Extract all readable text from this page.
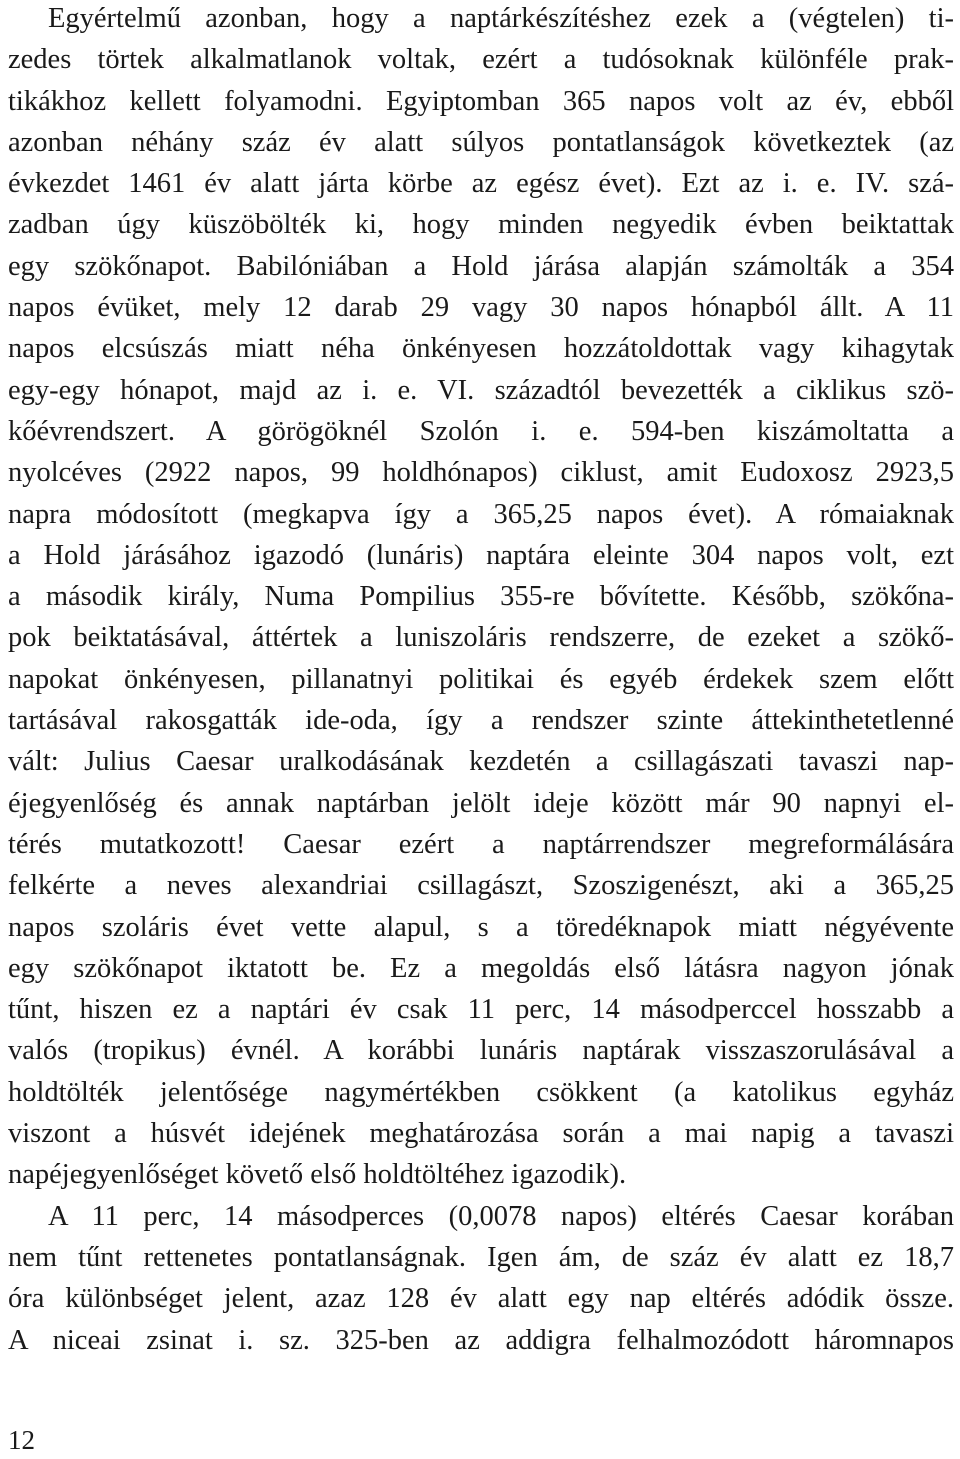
Egyértelmű azonban, hogy a naptárkészítéshez ezek a (végtelen) ti-
zedes törtek alkalmatlanok voltak, ezért a tudósoknak különféle prak-
tikákhoz kellett folyamodni. Egyiptomban 365 napos volt az év, ebből
azonban néhány száz év alatt súlyos pontatlanságok következtek (az
évkezdet 1461 év alatt járta körbe az egész évet). Ezt az i. e. IV. szá-
zadban úgy küszöbölték ki, hogy minden negyedik évben beiktattak
egy szökőnapot. Babilóniában a Hold járása alapján számolták a 354
napos évüket, mely 12 darab 29 vagy 30 napos hónapból állt. A 11
napos elcsúszás miatt néha önkényesen hozzátoldottak vagy kihagytak
egy-egy hónapot, majd az i. e. VI. századtól bevezették a ciklikus szö-
kőévrendszert. A görögöknél Szolón i. e. 594-ben kiszámoltatta a
nyolcéves (2922 napos, 99 holdhónapos) ciklust, amit Eudoxosz 2923,5
napra módosított (megkapva így a 365,25 napos évet). A rómaiaknak
a Hold járásához igazodó (lunáris) naptára eleinte 304 napos volt, ezt
a második király, Numa Pompilius 355-re bővítette. Később, szökőna-
pok beiktatásával, áttértek a luniszoláris rendszerre, de ezeket a szökő-
napokat önkényesen, pillanatnyi politikai és egyéb érdekek szem előtt
tartásával rakosgatták ide-oda, így a rendszer szinte áttekinthetetlenné
vált: Julius Caesar uralkodásának kezdetén a csillagászati tavaszi nap-
éjegyenlőség és annak naptárban jelölt ideje között már 90 napnyi el-
térés mutatkozott! Caesar ezért a naptárrendszer megreformálására
felkérte a neves alexandriai csillagászt, Szoszigenészt, aki a 365,25
napos szoláris évet vette alapul, s a töredéknapok miatt négyévente
egy szökőnapot iktatott be. Ez a megoldás első látásra nagyon jónak
tűnt, hiszen ez a naptári év csak 11 perc, 14 másodperccel hosszabb a
valós (tropikus) évnél. A korábbi lunáris naptárak visszaszorulásával a
holdtölték jelentősége nagymértékben csökkent (a katolikus egyház
viszont a húsvét idejének meghatározása során a mai napig a tavaszi
napéjegyenlőséget követő első holdtöltéhez igazodik).
A 11 perc, 14 másodperces (0,0078 napos) eltérés Caesar korában
nem tűnt rettenetes pontatlanságnak. Igen ám, de száz év alatt ez 18,7
óra különbséget jelent, azaz 128 év alatt egy nap eltérés adódik össze.
A niceai zsinat i. sz. 325-ben az addigra felhalmozódott háromnapos
12
